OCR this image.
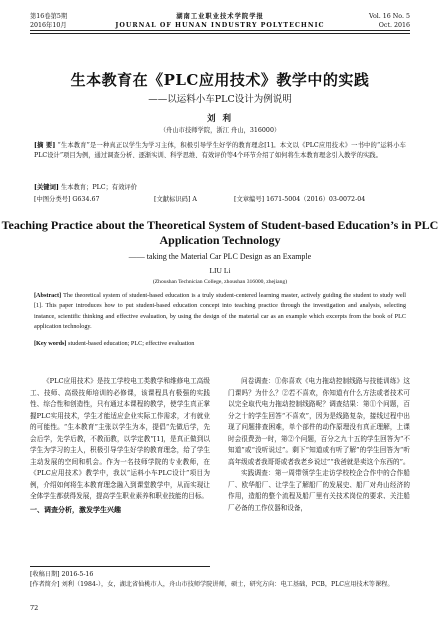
第16卷第5期
2016年10月
湖南工业职业技术学院学报
JOURNAL OF HUNAN INDUSTRY POLYTECHNIC
Vol. 16 No. 5
Oct. 2016
生本教育在《PLC应用技术》教学中的实践
——以运料小车PLC设计为例说明
刘 利
（舟山市技师学院，浙江 舟山，316000）
[摘 要] “生本教育”是一种真正以学生为学习主体，积极引导学生好学的教育理念[1]。本文以《PLC应用技术》一书中的“运料小车PLC设计”项目为例，通过调查分析、逐渐实训、科学思维、有效评价等4个环节介绍了如何将生本教育理念引入教学的实践。
[关键词] 生本教育；PLC；有效评价
[中图分类号] G634.67	[文献标识码] A	[文章编号] 1671-5004（2016）03-0072-04
Teaching Practice about the Theoretical System of Student-based Education’s in PLC Application Technology
—— taking the Material Car PLC Design as an Example
LIU Li
(Zhoushan Technician College, zhoushan 316000, zhejiang)
[Abstract] The theoretical system of student-based education is a truly student-centered learning master, actively guiding the student to study well [1]. This paper introduces how to put student-based education concept into teaching practice through the investigation and analysis, selecting instance, scientific thinking and effective evaluation, by using the design of the material car as an example which excerpts from the book of PLC application technology.
[Key words] student-based education; PLC; effective evaluation

《PLC应用技术》是技工学校电工类教学和维修电工高级工、技师、高级技师培训的必修课，该课程具有极强的实践性、综合性和创造性，只有通过本课程的教学，使学生真正掌握PLC实用技术，学生才能适应企业实际工作需求，才有就业的可能性。“生本教育”主张以学生为本，提倡“先做后学，先会后学，先学后教，不教而教，以学定教”[1]，是真正做到以学生为学习的主人，积极引导学生好学的教育理念，给了学生主动发展的空间和机会。作为一名技师学院的专业教师，在《PLC应用技术》教学中，我以“运料小车PLC设计”项目为例，介绍如何将生本教育理念融入到课堂教学中，从而实现让全体学生都获得发展，提高学生职业素养和职业技能的目标。

一、调查分析，激发学生兴趣

问卷调查：①你喜欢《电力拖动控制线路与技能训练》这门课吗？为什么？②若不喜欢，你知道有什么方法或者技术可以完全取代电力拖动控制线路呢？调查结果：第①个问题，百分之十的学生回答“不喜欢”，因为是线路复杂，接线过程中出现了问题排查困难，单个部件的动作原理没有真正理解，上课时会很费劲一时，第②个问题，百分之九十五的学生回答为“不知道”或“没听说过”。剩下“知道或有听了解”的学生回答为“听高年级或者我哥哥或者我老乡说过”“我爸就是卖这个东西的”。

实践调查：第一周带领学生走访学校校企合作中的合作船厂、欧华船厂、让学生了解船厂的发展史、船厂对舟山经济的作用，造船的整个流程及船厂里有关技术岗位的要求、关注船厂必备的工作仪器和设备，

[收稿日期] 2016-5-16
[作者简介] 刘利（1984-），女，湖北省仙桃市人，舟山市技师学院讲师，硕士，研究方向：电工基础，PCB，PLC应用技术等课程。
72
